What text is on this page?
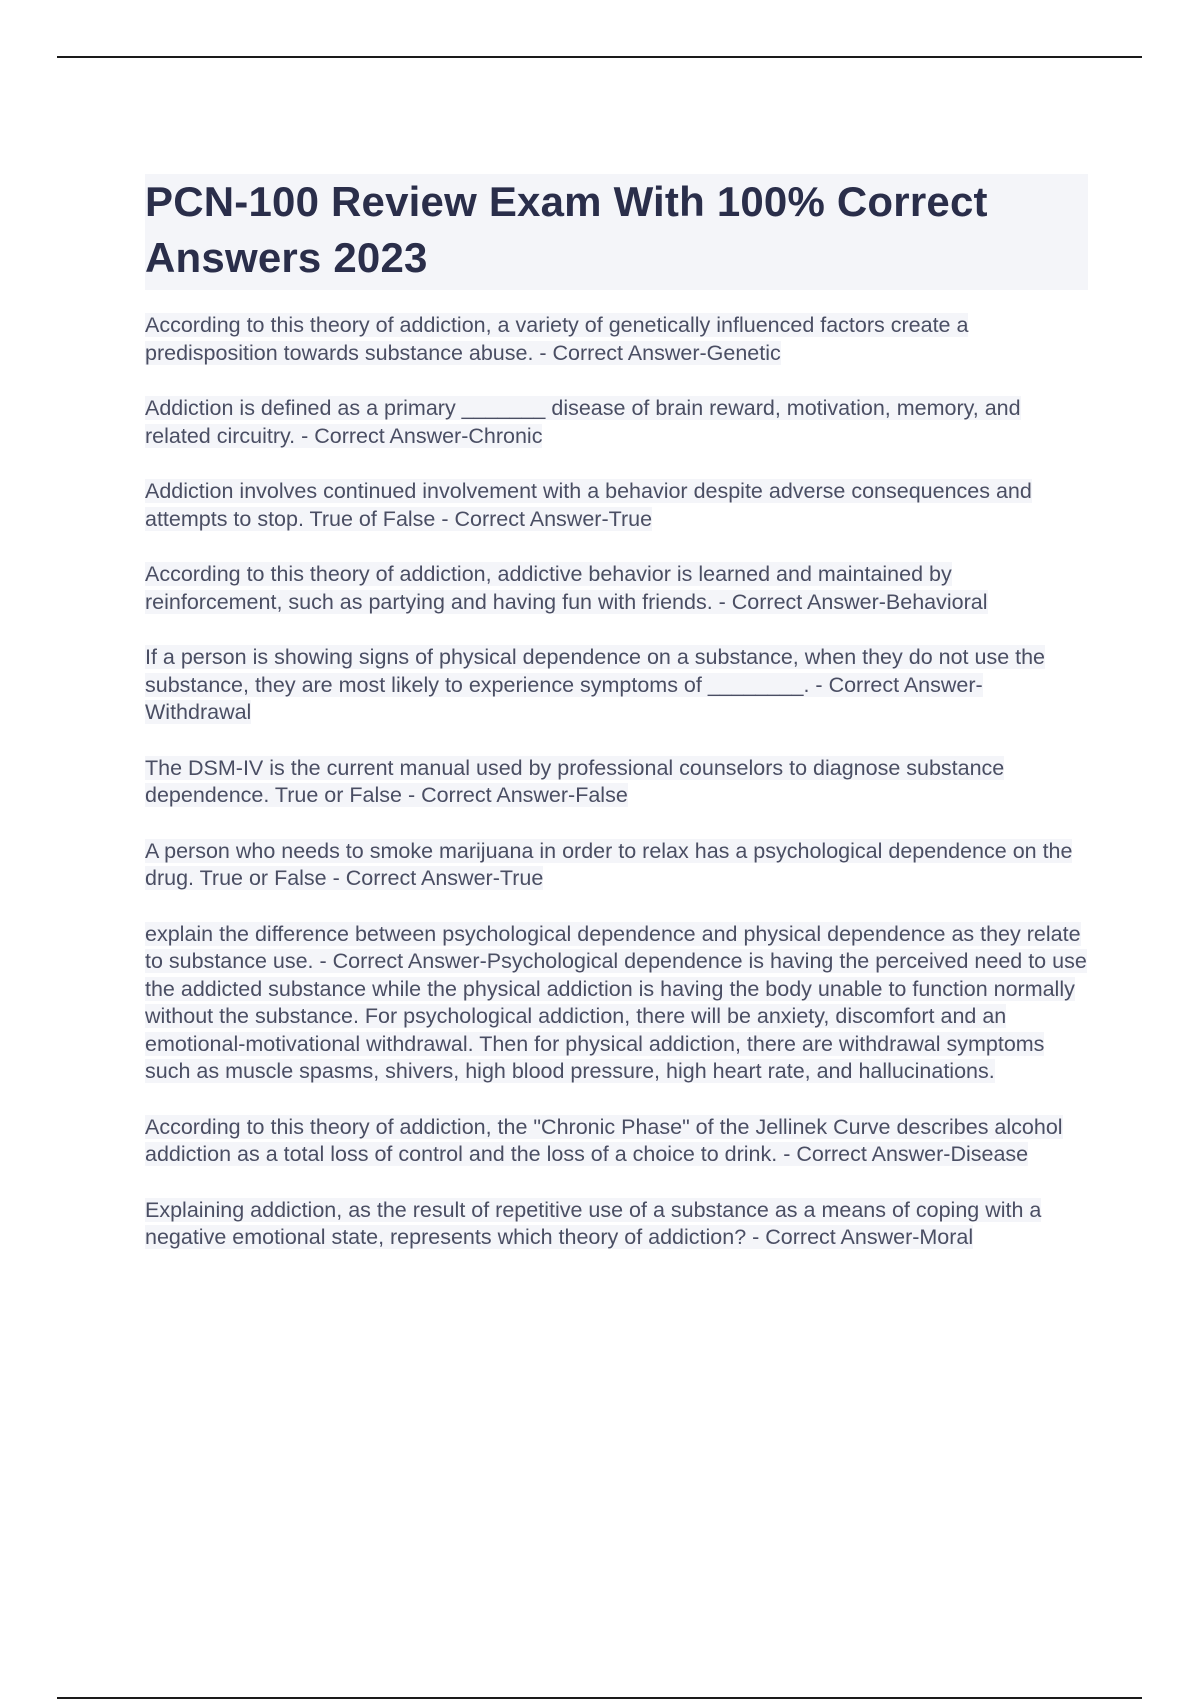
PCN-100 Review Exam With 100% Correct Answers 2023
According to this theory of addiction, a variety of genetically influenced factors create a predisposition towards substance abuse. - Correct Answer-Genetic
Addiction is defined as a primary _______ disease of brain reward, motivation, memory, and related circuitry. - Correct Answer-Chronic
Addiction involves continued involvement with a behavior despite adverse consequences and attempts to stop. True of False - Correct Answer-True
According to this theory of addiction, addictive behavior is learned and maintained by reinforcement, such as partying and having fun with friends. - Correct Answer-Behavioral
If a person is showing signs of physical dependence on a substance, when they do not use the substance, they are most likely to experience symptoms of ________. - Correct Answer-Withdrawal
The DSM-IV is the current manual used by professional counselors to diagnose substance dependence. True or False - Correct Answer-False
A person who needs to smoke marijuana in order to relax has a psychological dependence on the drug. True or False - Correct Answer-True
explain the difference between psychological dependence and physical dependence as they relate to substance use. - Correct Answer-Psychological dependence is having the perceived need to use the addicted substance while the physical addiction is having the body unable to function normally without the substance. For psychological addiction, there will be anxiety, discomfort and an emotional-motivational withdrawal. Then for physical addiction, there are withdrawal symptoms such as muscle spasms, shivers, high blood pressure, high heart rate, and hallucinations.
According to this theory of addiction, the "Chronic Phase" of the Jellinek Curve describes alcohol addiction as a total loss of control and the loss of a choice to drink. - Correct Answer-Disease
Explaining addiction, as the result of repetitive use of a substance as a means of coping with a negative emotional state, represents which theory of addiction? - Correct Answer-Moral
